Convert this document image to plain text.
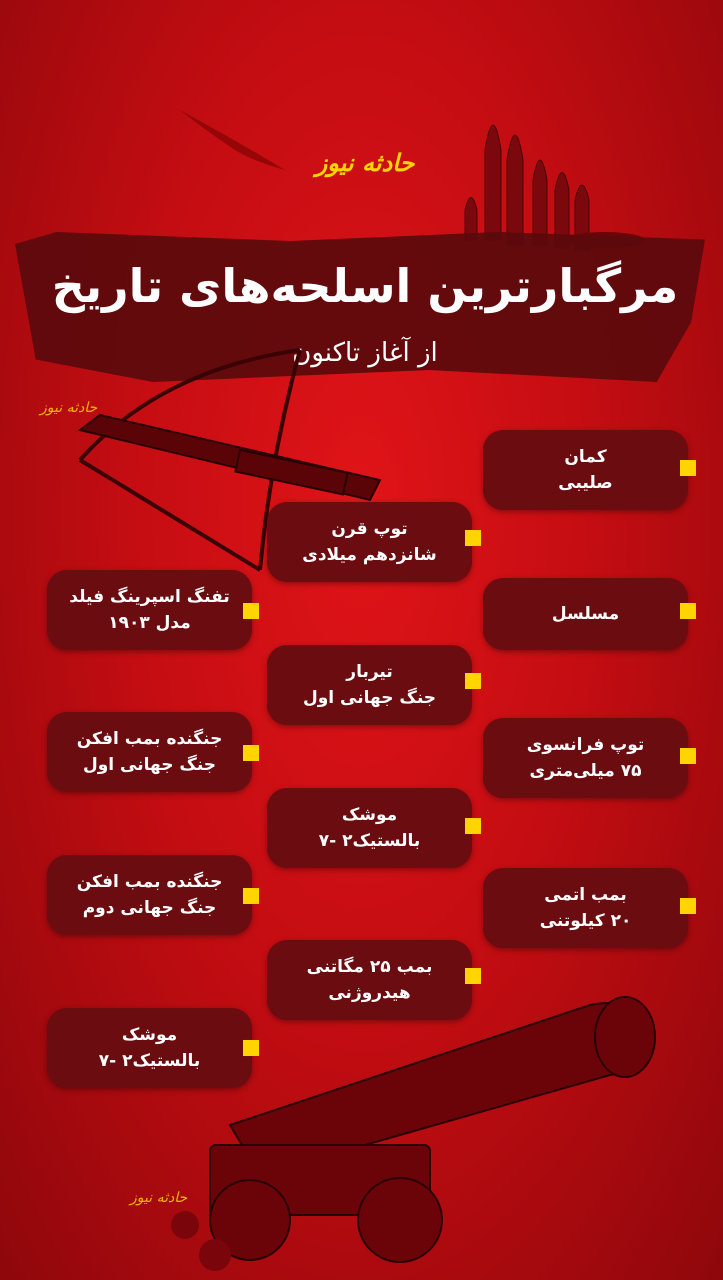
حادثه نیوز
مرگبارترین اسلحه‌های تاریخ
از آغاز تاکنون
حادثه نیوز
حادثه نیوز
کمان
صلیبی
مسلسل
توپ فرانسوی
۷۵ میلی‌متری
بمب اتمی
۲۰ کیلوتنی
توپ قرن
شانزدهم میلادی
تیربار
جنگ جهانی اول
موشک
بالستیک۲ -۷
بمب ۲۵ مگاتنی
هیدروژنی
تفنگ اسپرینگ فیلد
مدل ۱۹۰۳
جنگنده بمب افکن
جنگ جهانی اول
جنگنده بمب افکن
جنگ جهانی دوم
موشک
بالستیک۲ -۷
